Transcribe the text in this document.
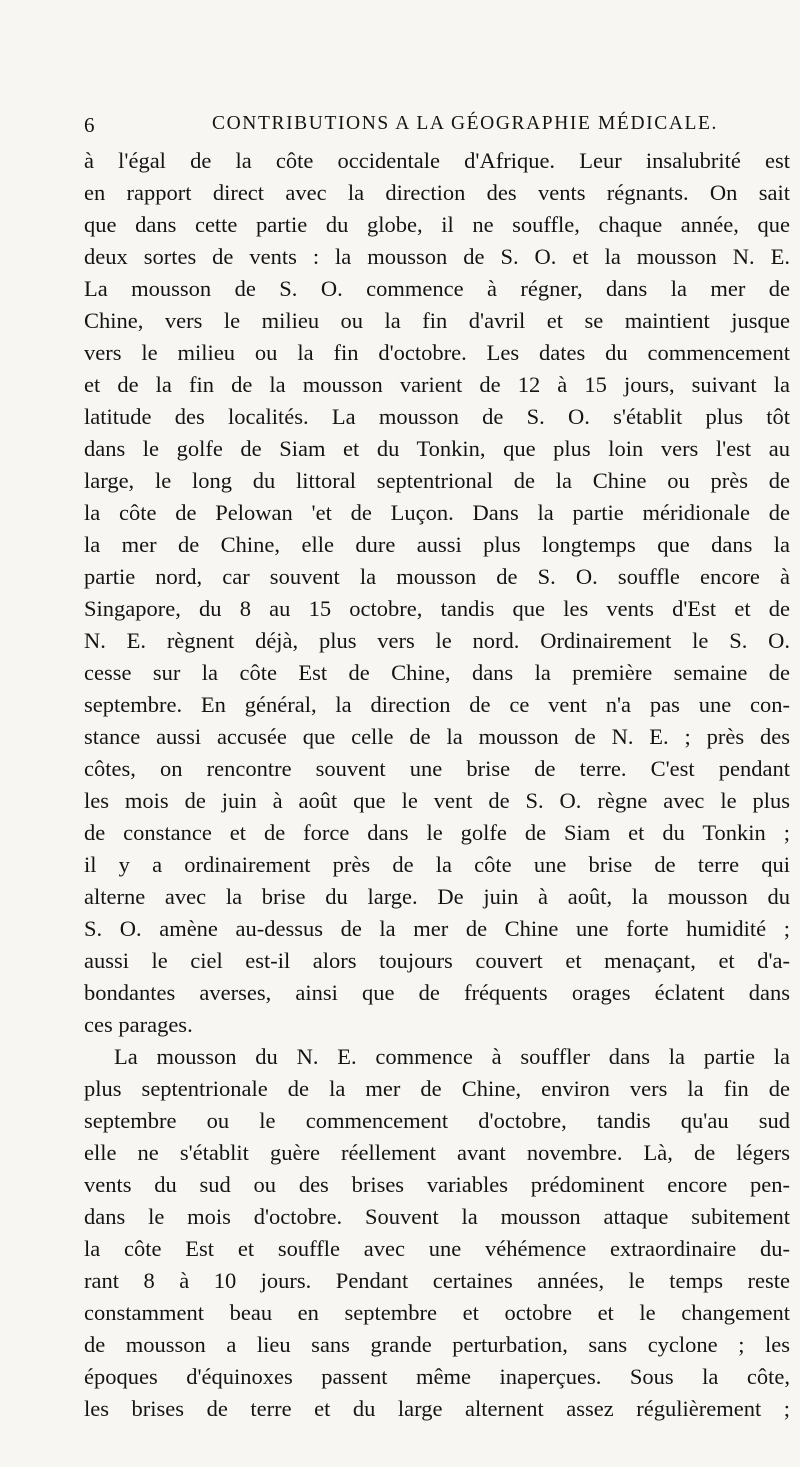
6	CONTRIBUTIONS A LA GÉOGRAPHIE MÉDICALE.
à l'égal de la côte occidentale d'Afrique. Leur insalubrité est
en rapport direct avec la direction des vents régnants. On sait
que dans cette partie du globe, il ne souffle, chaque année, que
deux sortes de vents : la mousson de S. O. et la mousson N. E.
La mousson de S. O. commence à régner, dans la mer de
Chine, vers le milieu ou la fin d'avril et se maintient jusque
vers le milieu ou la fin d'octobre. Les dates du commencement
et de la fin de la mousson varient de 12 à 15 jours, suivant la
latitude des localités. La mousson de S. O. s'établit plus tôt
dans le golfe de Siam et du Tonkin, que plus loin vers l'est au
large, le long du littoral septentrional de la Chine ou près de
la côte de Pelowan 'et de Luçon. Dans la partie méridionale de
la mer de Chine, elle dure aussi plus longtemps que dans la
partie nord, car souvent la mousson de S. O. souffle encore à
Singapore, du 8 au 15 octobre, tandis que les vents d'Est et de
N. E. règnent déjà, plus vers le nord. Ordinairement le S. O.
cesse sur la côte Est de Chine, dans la première semaine de
septembre. En général, la direction de ce vent n'a pas une con-
stance aussi accusée que celle de la mousson de N. E. ; près des
côtes, on rencontre souvent une brise de terre. C'est pendant
les mois de juin à août que le vent de S. O. règne avec le plus
de constance et de force dans le golfe de Siam et du Tonkin ;
il y a ordinairement près de la côte une brise de terre qui
alterne avec la brise du large. De juin à août, la mousson du
S. O. amène au-dessus de la mer de Chine une forte humidité ;
aussi le ciel est-il alors toujours couvert et menaçant, et d'a-
bondantes averses, ainsi que de fréquents orages éclatent dans
ces parages.
La mousson du N. E. commence à souffler dans la partie la
plus septentrionale de la mer de Chine, environ vers la fin de
septembre ou le commencement d'octobre, tandis qu'au sud
elle ne s'établit guère réellement avant novembre. Là, de légers
vents du sud ou des brises variables prédominent encore pen-
dans le mois d'octobre. Souvent la mousson attaque subitement
la côte Est et souffle avec une véhémence extraordinaire du-
rant 8 à 10 jours. Pendant certaines années, le temps reste
constamment beau en septembre et octobre et le changement
de mousson a lieu sans grande perturbation, sans cyclone ; les
époques d'équinoxes passent même inaperçues. Sous la côte,
les brises de terre et du large alternent assez régulièrement ;
